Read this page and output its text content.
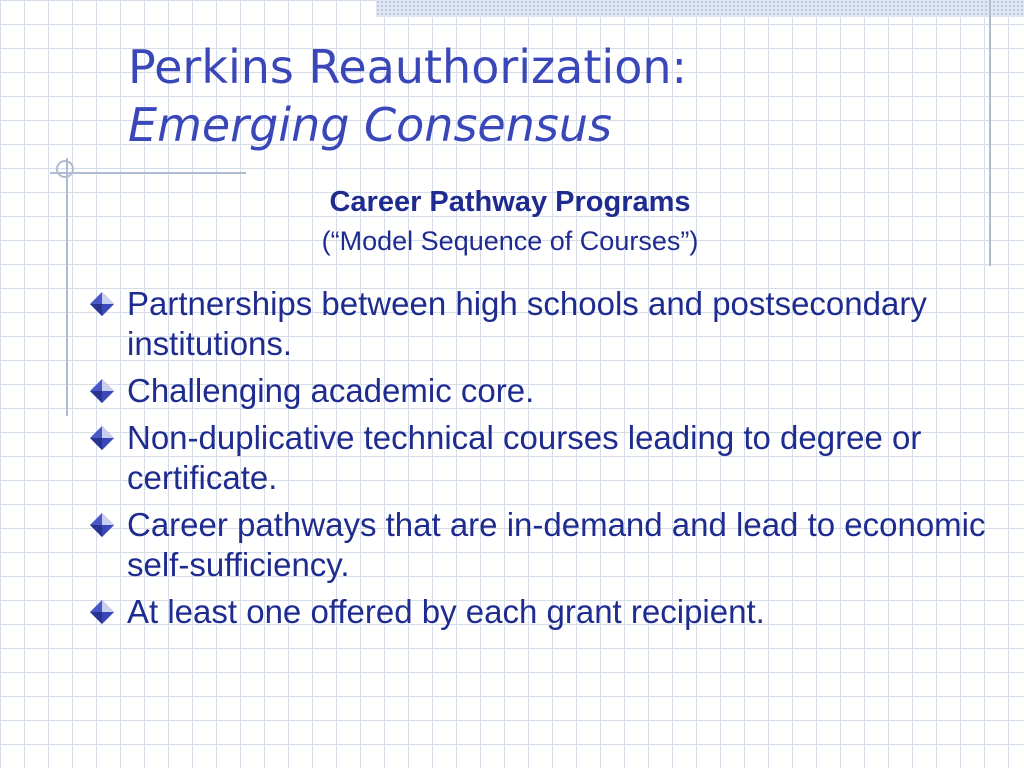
Perkins Reauthorization:
Emerging Consensus
Career Pathway Programs
(“Model Sequence of Courses”)
Partnerships between high schools and postsecondary institutions.
Challenging academic core.
Non-duplicative technical courses leading to degree or certificate.
Career pathways that are in-demand and lead to economic self-sufficiency.
At least one offered by each grant recipient.
